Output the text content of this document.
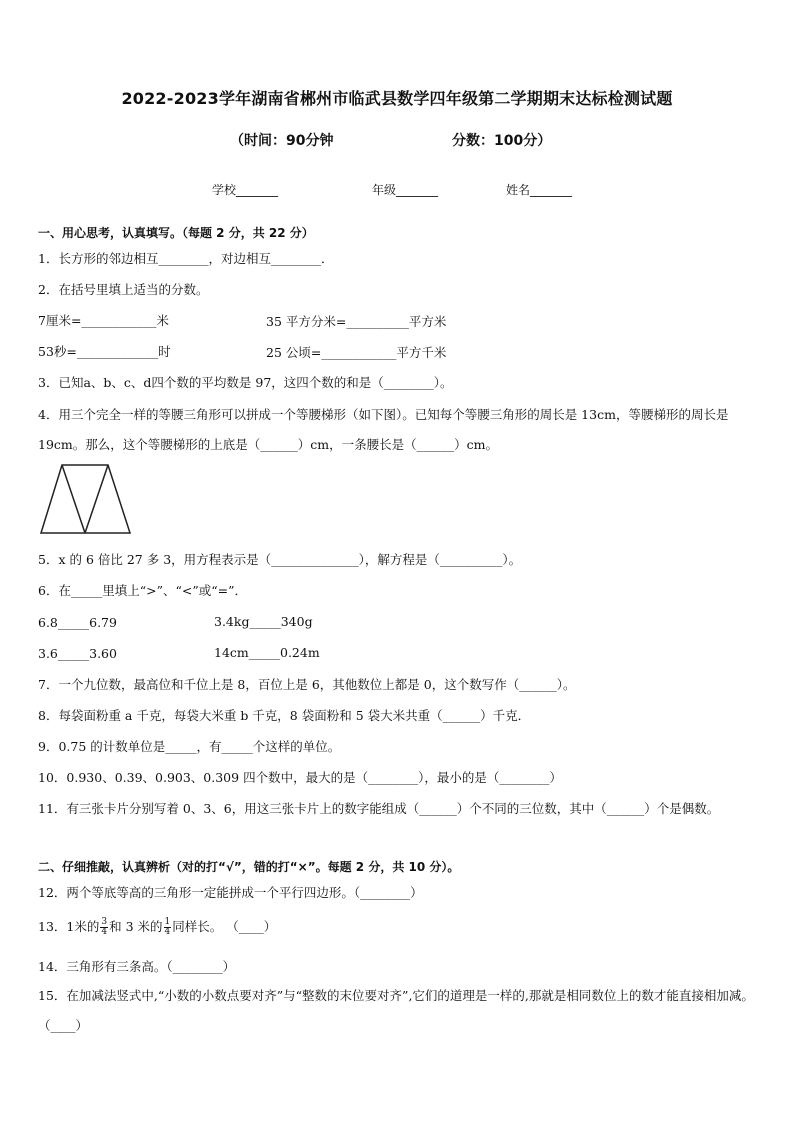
2022-2023学年湖南省郴州市临武县数学四年级第二学期期末达标检测试题
（时间：90分钟	分数：100分）
学校_______	年级_______	姓名_______
一、用心思考，认真填写。（每题 2 分，共 22 分）
1．长方形的邻边相互________，对边相互________．
2．在括号里填上适当的分数。
7厘米=____________米	35 平方分米=__________平方米
53秒=_____________时	25 公顷=____________平方千米
3．已知a、b、c、d四个数的平均数是 97，这四个数的和是（________）。
4．用三个完全一样的等腰三角形可以拼成一个等腰梯形（如下图）。已知每个等腰三角形的周长是 13cm，等腰梯形的周长是 19cm。那么，这个等腰梯形的上底是（______）cm，一条腰长是（______）cm。
5．x 的 6 倍比 27 多 3，用方程表示是（______________），解方程是（__________）。
6．在_____里填上“>”、“<”或“=”．
6.8_____6.79	3.4kg_____340g
3.6_____3.60	14cm_____0.24m
7．一个九位数，最高位和千位上是 8，百位上是 6，其他数位上都是 0，这个数写作（______）。
8．每袋面粉重 a 千克，每袋大米重 b 千克，8 袋面粉和 5 袋大米共重（______）千克．
9．0.75 的计数单位是_____，有_____个这样的单位。
10．0.930、0.39、0.903、0.309 四个数中，最大的是（________），最小的是（________）
11．有三张卡片分别写着 0、3、6，用这三张卡片上的数字能组成（______）个不同的三位数，其中（______）个是偶数。
二、仔细推敲，认真辨析（对的打“√”，错的打“×”。每题 2 分，共 10 分）。
12．两个等底等高的三角形一定能拼成一个平行四边形。（________）
13．1米的 $\frac{3}{4}$ 和 3 米的 $\frac{1}{4}$ 同样长。 （____）
14．三角形有三条高。（________）
15．在加减法竖式中,“小数的小数点要对齐”与“整数的末位要对齐”,它们的道理是一样的,那就是相同数位上的数才能直接相加减。 （____）
